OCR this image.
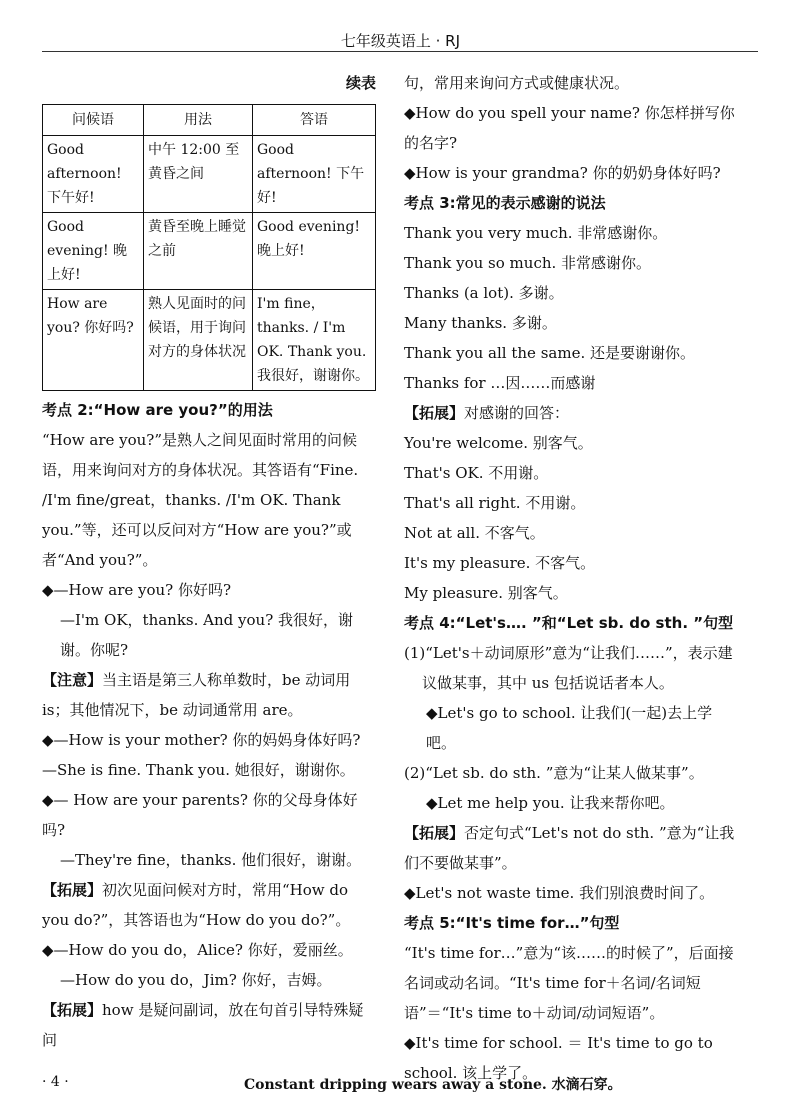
七年级英语上 · RJ

续表

问候语	用法	答语
Good afternoon! 下午好!	中午 12:00 至黄昏之间	Good afternoon! 下午好!
Good evening! 晚上好!	黄昏至晚上睡觉之前	Good evening! 晚上好!
How are you? 你好吗?	熟人见面时的问候语，用于询问对方的身体状况	I'm fine，thanks. / I'm OK. Thank you. 我很好，谢谢你。

考点 2:“How are you?”的用法

“How are you?”是熟人之间见面时常用的问候语，用来询问对方的身体状况。其答语有“Fine. /I'm fine/great，thanks. /I'm OK. Thank you.”等，还可以反问对方“How are you?”或者“And you?”。

◆—How are you? 你好吗?

—I'm OK，thanks. And you? 我很好，谢谢。你呢?

【注意】当主语是第三人称单数时，be 动词用 is；其他情况下，be 动词通常用 are。

◆—How is your mother? 你的妈妈身体好吗?

—She is fine. Thank you. 她很好，谢谢你。

◆— How are your parents? 你的父母身体好吗?

—They're fine，thanks. 他们很好，谢谢。

【拓展】初次见面问候对方时，常用“How do you do?”，其答语也为“How do you do?”。

◆—How do you do，Alice? 你好，爱丽丝。

—How do you do，Jim? 你好，吉姆。

【拓展】how 是疑问副词，放在句首引导特殊疑问

句，常用来询问方式或健康状况。

◆How do you spell your name? 你怎样拼写你的名字?

◆How is your grandma? 你的奶奶身体好吗?

考点 3:常见的表示感谢的说法

Thank you very much. 非常感谢你。

Thank you so much. 非常感谢你。

Thanks (a lot). 多谢。

Many thanks. 多谢。

Thank you all the same. 还是要谢谢你。

Thanks for …因……而感谢

【拓展】对感谢的回答：

You're welcome. 别客气。

That's OK. 不用谢。

That's all right. 不用谢。

Not at all. 不客气。

It's my pleasure. 不客气。

My pleasure. 别客气。

考点 4:“Let's…. ”和“Let sb. do sth. ”句型

(1)“Let's＋动词原形”意为“让我们……”，表示建议做某事，其中 us 包括说话者本人。

◆Let's go to school. 让我们(一起)去上学吧。

(2)“Let sb. do sth. ”意为“让某人做某事”。

◆Let me help you. 让我来帮你吧。

【拓展】否定句式“Let's not do sth. ”意为“让我们不要做某事”。

◆Let's not waste time. 我们别浪费时间了。

考点 5:“It's time for…”句型

“It's time for…”意为“该……的时候了”，后面接名词或动名词。“It's time for＋名词/名词短语”＝“It's time to＋动词/动词短语”。

◆It's time for school. ＝ It's time to go to school. 该上学了。

· 4 ·	Constant dripping wears away a stone. 水滴石穿。
